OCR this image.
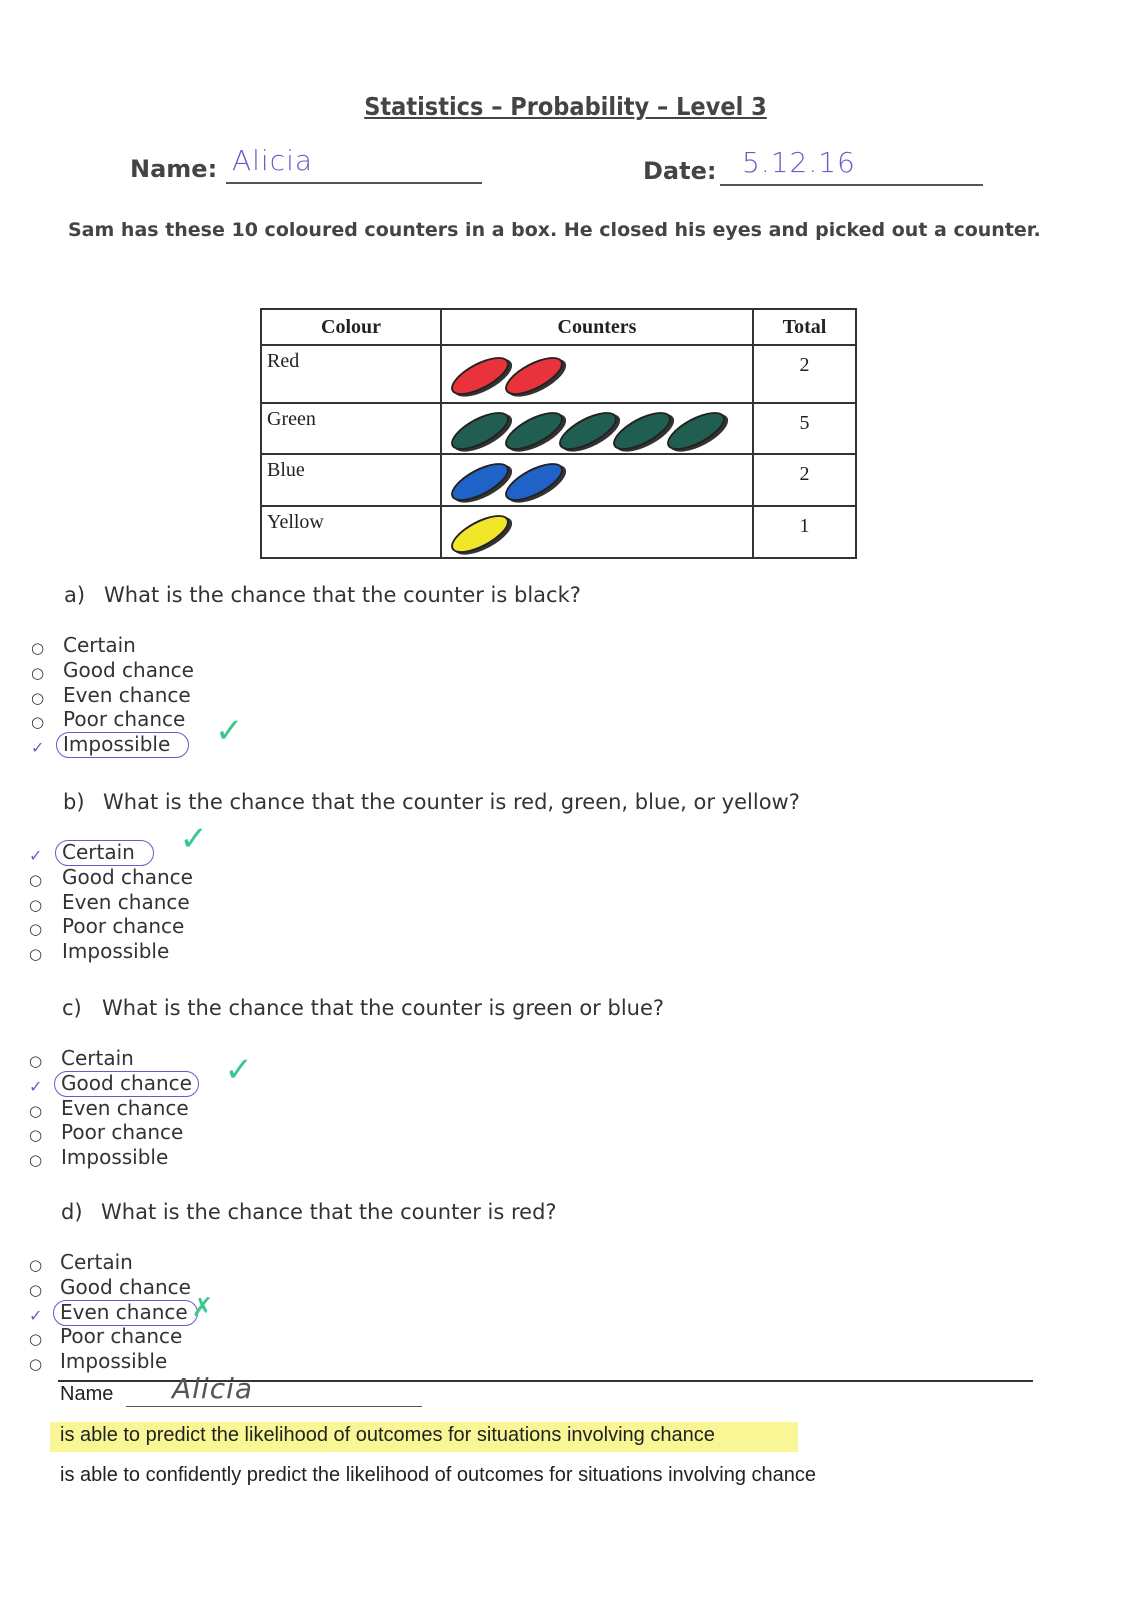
Statistics – Probability – Level 3
Name: Alicia	Date: 5.12.16
Sam has these 10 coloured counters in a box. He closed his eyes and picked out a counter.
Colour	Counters	Total
Red		2
Green		5
Blue		2
Yellow		1
a) What is the chance that the counter is black?
○ Certain
○ Good chance
○ Even chance
○ Poor chance
✓ Impossible ✓
b) What is the chance that the counter is red, green, blue, or yellow?
✓ Certain ✓
○ Good chance
○ Even chance
○ Poor chance
○ Impossible
c) What is the chance that the counter is green or blue?
○ Certain
✓ Good chance ✓
○ Even chance
○ Poor chance
○ Impossible
d) What is the chance that the counter is red?
○ Certain
○ Good chance
✓ Even chance ✗
○ Poor chance
○ Impossible
Name Alicia
is able to predict the likelihood of outcomes for situations involving chance
is able to confidently predict the likelihood of outcomes for situations involving chance
